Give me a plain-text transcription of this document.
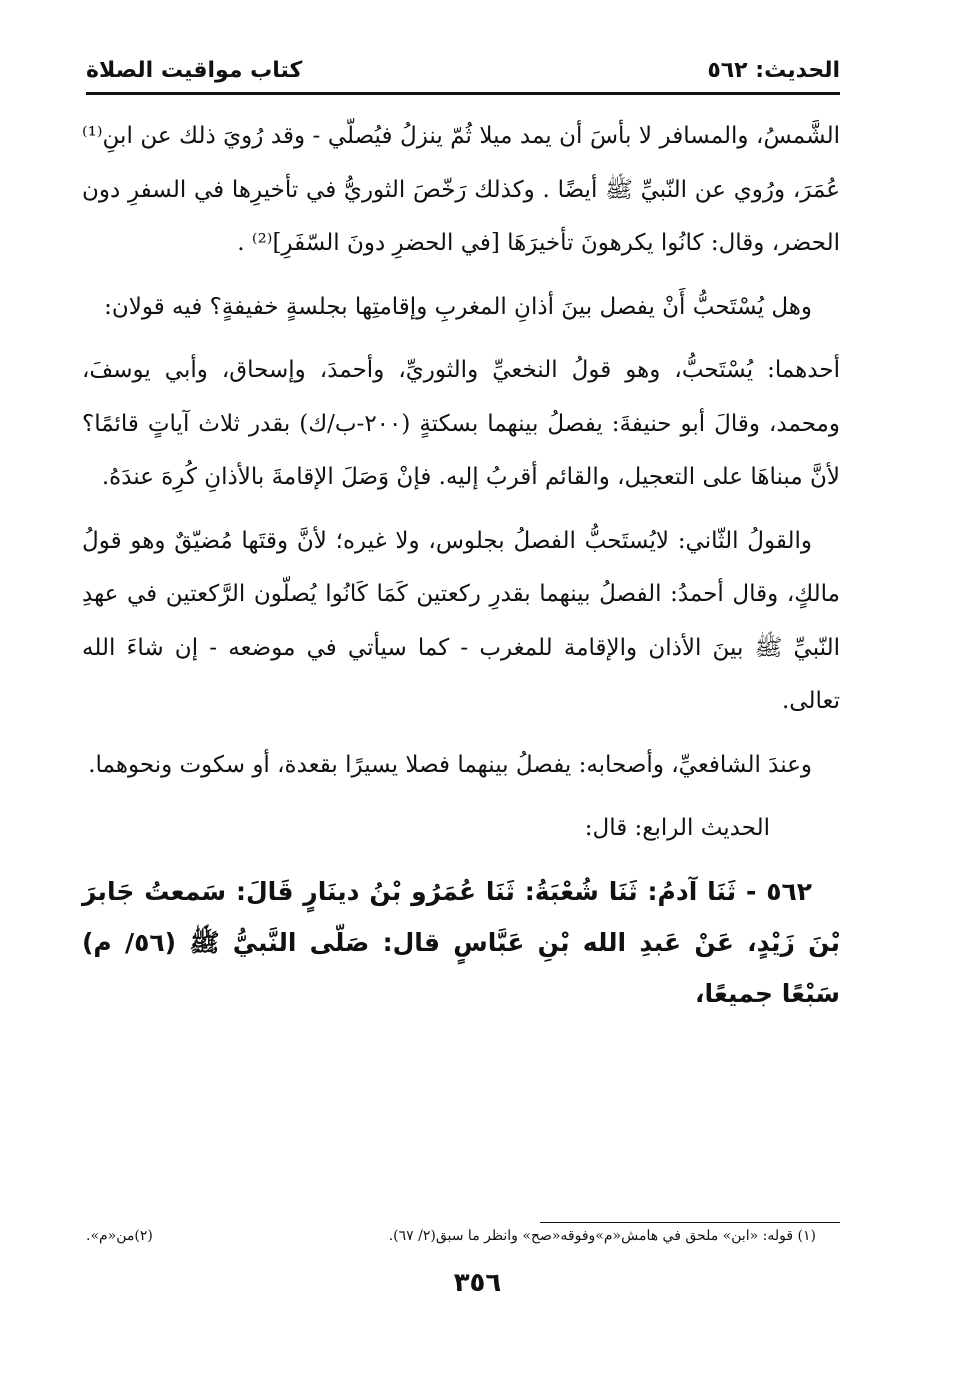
الحديث: ٥٦٢
كتاب مواقيت الصلاة

الشَّمسُ، والمسافر لا بأسَ أن يمد ميلا ثُمّ ينزلُ فيُصلّي - وقد رُويَ ذلك عن ابنِ⁽¹⁾ عُمَرَ، ورُوي عن النّبيِّ ﷺ أيضًا . وكذلك رَخّصَ الثوريُّ في تأخيرِها في السفرِ دون الحضر، وقال: كانُوا يكرهونَ تأخيرَهَا [في الحضرِ دونَ السّفَرِ]⁽²⁾ .

وهل يُسْتَحبُّ أَنْ يفصل بينَ أذانِ المغربِ وإقامتِها بجلسةٍ خفيفةٍ؟ فيه قولان:

أحدهما: يُسْتَحبُّ، وهو قولُ النخعيِّ والثوريِّ، وأحمدَ، وإسحاق، وأبي يوسفَ، ومحمد، وقالَ أبو حنيفةَ: يفصلُ بينهما بسكتةٍ (٢٠٠-ب/ك) بقدر ثلاث آياتٍ قائمًا؟ لأنَّ مبناهَا على التعجيل، والقائم أقربُ إليه. فإنْ وَصَلَ الإقامةَ بالأذانِ كُرِهَ عندَهُ.

والقولُ الثّاني: لايُستَحبُّ الفصلُ بجلوس، ولا غيره؛ لأنَّ وقتَها مُضيّقٌ وهو قولُ مالكٍ، وقال أحمدُ: الفصلُ بينهما بقدرِ ركعتين كَمَا كَانُوا يُصلّون الرَّكعتين في عهدِ النّبيِّ ﷺ بينَ الأذان والإقامة للمغرب - كما سيأتي في موضعه - إن شاءَ الله تعالى.

وعندَ الشافعيِّ، وأصحابه: يفصلُ بينهما فصلا يسيرًا بقعدة، أو سكوت ونحوهما.

الحديث الرابع: قال:

٥٦٢ - ثَنَا آدمُ: ثَنَا شُعْبَةُ: ثَنَا عُمَرُو بْنُ دينَارٍ قَالَ: سَمعتُ جَابرَ بْنَ زَيْدٍ، عَنْ عَبدِ الله بْنِ عَبَّاسٍ قال: صَلّى النَّبيُّ ﷺ (٥٦/ م) سَبْعًا جميعًا،

(١) قوله: «ابن» ملحق في هامش«م»وفوقه«صح» وانظر ما سبق(٢/ ٦٧).
(٢)من«م».
٣٥٦
